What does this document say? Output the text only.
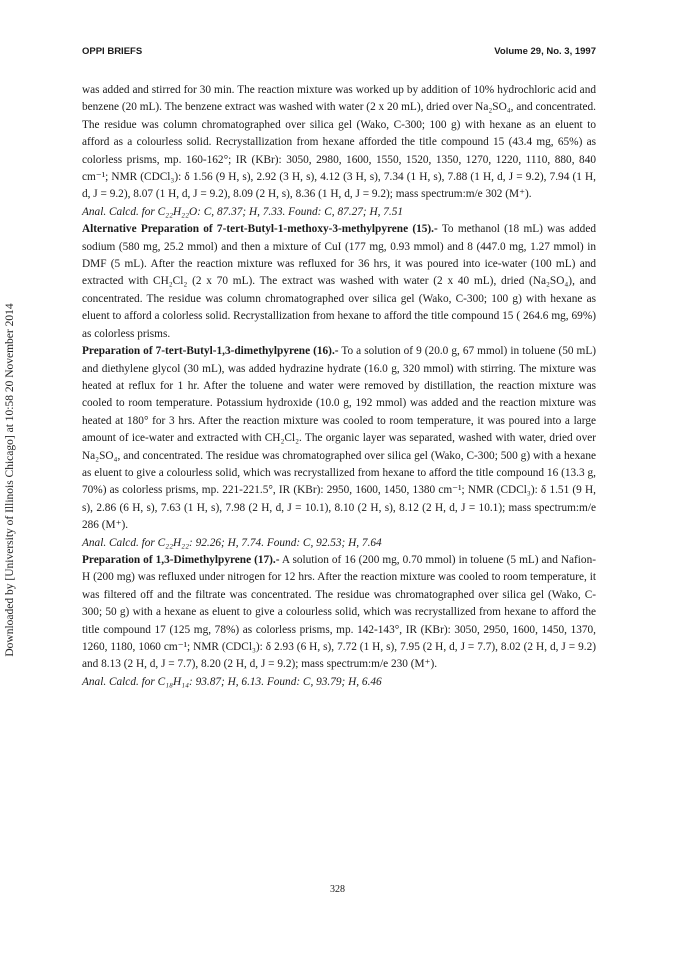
OPPI BRIEFS	Volume 29, No. 3, 1997
Downloaded by [University of Illinois Chicago] at 10:58 20 November 2014

was added and stirred for 30 min. The reaction mixture was worked up by addition of 10% hydrochloric acid and benzene (20 mL). The benzene extract was washed with water (2 x 20 mL), dried over Na₂SO₄, and concentrated. The residue was column chromatographed over silica gel (Wako, C-300; 100 g) with hexane as an eluent to afford as a colourless solid. Recrystallization from hexane afforded the title compound 15 (43.4 mg, 65%) as colorless prisms, mp. 160-162°; IR (KBr): 3050, 2980, 1600, 1550, 1520, 1350, 1270, 1220, 1110, 880, 840 cm⁻¹; NMR (CDCl₃): δ 1.56 (9 H, s), 2.92 (3 H, s), 4.12 (3 H, s), 7.34 (1 H, s), 7.88 (1 H, d, J = 9.2), 7.94 (1 H, d, J = 9.2), 8.07 (1 H, d, J = 9.2), 8.09 (2 H, s), 8.36 (1 H, d, J = 9.2); mass spectrum:m/e 302 (M⁺).

Anal. Calcd. for C₂₂H₂₂O: C, 87.37; H, 7.33. Found: C, 87.27; H, 7.51

Alternative Preparation of 7-tert-Butyl-1-methoxy-3-methylpyrene (15).- To methanol (18 mL) was added sodium (580 mg, 25.2 mmol) and then a mixture of CuI (177 mg, 0.93 mmol) and 8 (447.0 mg, 1.27 mmol) in DMF (5 mL). After the reaction mixture was refluxed for 36 hrs, it was poured into ice-water (100 mL) and extracted with CH₂Cl₂ (2 x 70 mL). The extract was washed with water (2 x 40 mL), dried (Na₂SO₄), and concentrated. The residue was column chromatographed over silica gel (Wako, C-300; 100 g) with hexane as eluent to afford a colorless solid. Recrystallization from hexane to afford the title compound 15 ( 264.6 mg, 69%) as colorless prisms.

Preparation of 7-tert-Butyl-1,3-dimethylpyrene (16).- To a solution of 9 (20.0 g, 67 mmol) in toluene (50 mL) and diethylene glycol (30 mL), was added hydrazine hydrate (16.0 g, 320 mmol) with stirring. The mixture was heated at reflux for 1 hr. After the toluene and water were removed by distillation, the reaction mixture was cooled to room temperature. Potassium hydroxide (10.0 g, 192 mmol) was added and the reaction mixture was heated at 180° for 3 hrs. After the reaction mixture was cooled to room temperature, it was poured into a large amount of ice-water and extracted with CH₂Cl₂. The organic layer was separated, washed with water, dried over Na₂SO₄, and concentrated. The residue was chromatographed over silica gel (Wako, C-300; 500 g) with a hexane as eluent to give a colourless solid, which was recrystallized from hexane to afford the title compound 16 (13.3 g, 70%) as colorless prisms, mp. 221-221.5°, IR (KBr): 2950, 1600, 1450, 1380 cm⁻¹; NMR (CDCl₃): δ 1.51 (9 H, s), 2.86 (6 H, s), 7.63 (1 H, s), 7.98 (2 H, d, J = 10.1), 8.10 (2 H, s), 8.12 (2 H, d, J = 10.1); mass spectrum:m/e 286 (M⁺).

Anal. Calcd. for C₂₂H₂₂: 92.26; H, 7.74. Found: C, 92.53; H, 7.64

Preparation of 1,3-Dimethylpyrene (17).- A solution of 16 (200 mg, 0.70 mmol) in toluene (5 mL) and Nafion-H (200 mg) was refluxed under nitrogen for 12 hrs. After the reaction mixture was cooled to room temperature, it was filtered off and the filtrate was concentrated. The residue was chromatographed over silica gel (Wako, C-300; 50 g) with a hexane as eluent to give a colourless solid, which was recrystallized from hexane to afford the title compound 17 (125 mg, 78%) as colorless prisms, mp. 142-143°, IR (KBr): 3050, 2950, 1600, 1450, 1370, 1260, 1180, 1060 cm⁻¹; NMR (CDCl₃): δ 2.93 (6 H, s), 7.72 (1 H, s), 7.95 (2 H, d, J = 7.7), 8.02 (2 H, d, J = 9.2) and 8.13 (2 H, d, J = 7.7), 8.20 (2 H, d, J = 9.2); mass spectrum:m/e 230 (M⁺).

Anal. Calcd. for C₁₈H₁₄: 93.87; H, 6.13. Found: C, 93.79; H, 6.46

328
